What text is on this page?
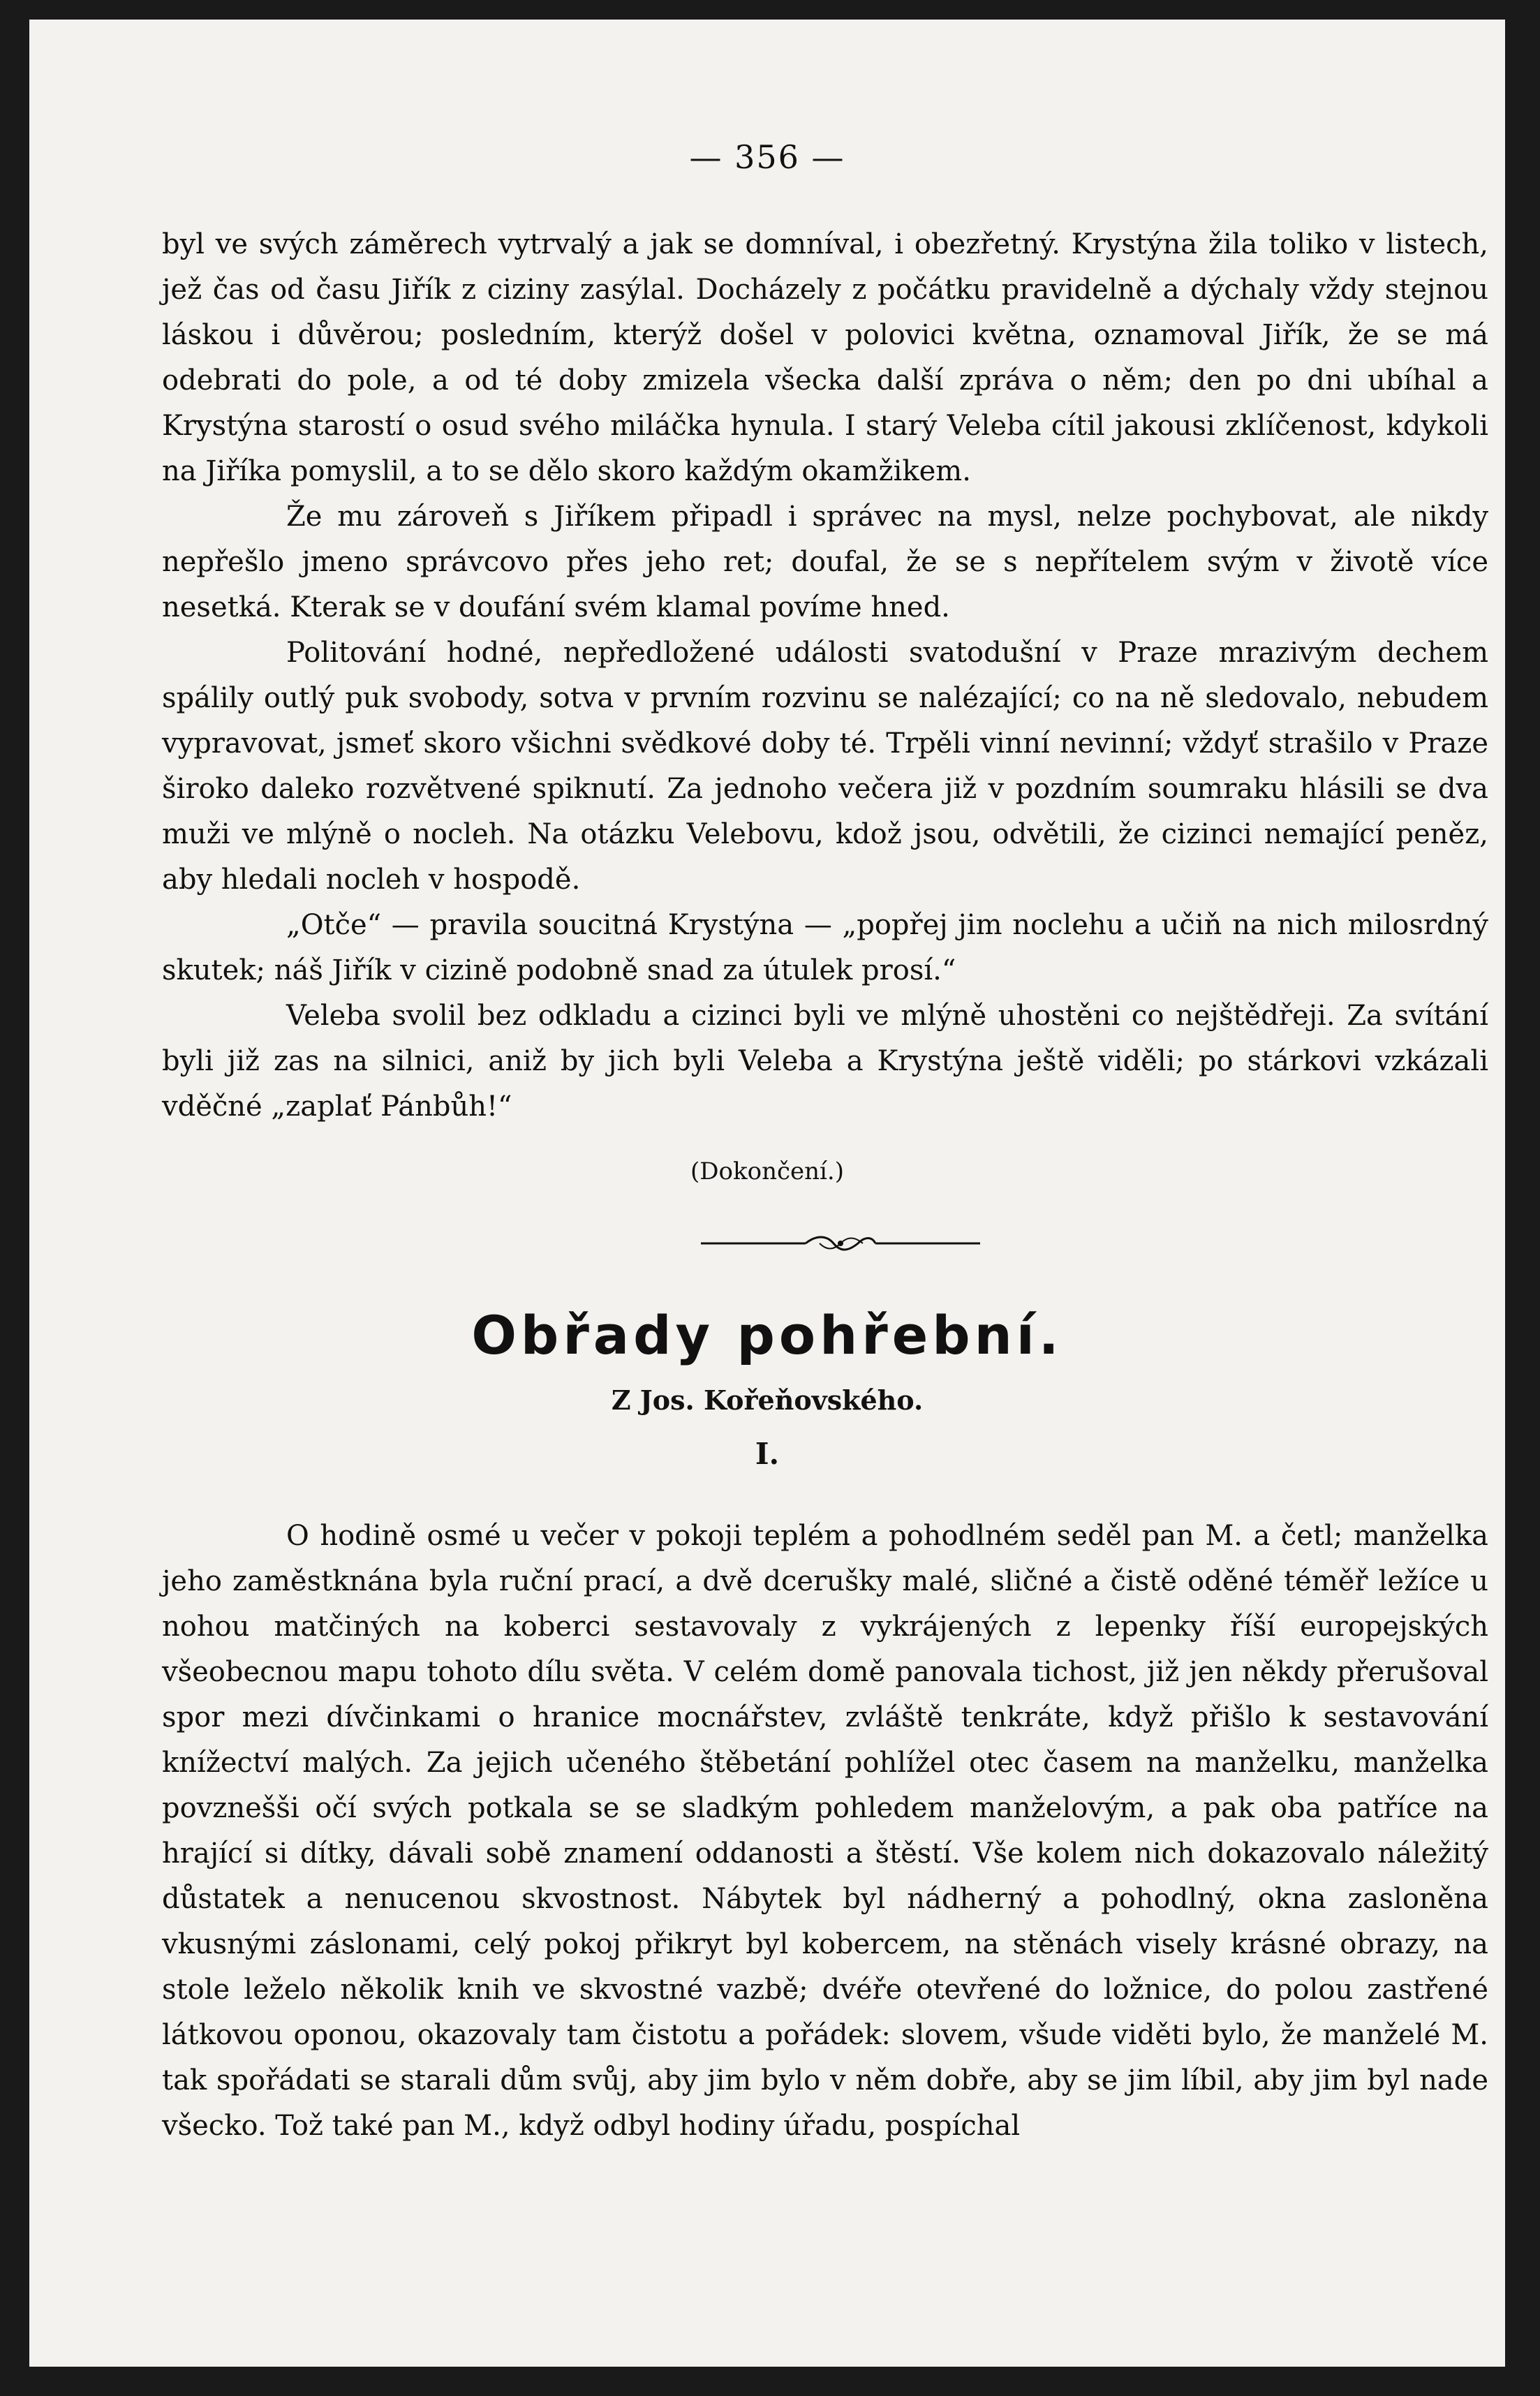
— 356 —

byl ve svých záměrech vytrvalý a jak se domníval, i obezřetný. Krystýna žila toliko v listech, jež čas od času Jiřík z ciziny zasýlal. Docházely z počátku pravidelně a dýchaly vždy stejnou láskou i důvěrou; posledním, kterýž došel v polovici května, oznamoval Jiřík, že se má odebrati do pole, a od té doby zmizela všecka další zpráva o něm; den po dni ubíhal a Krystýna starostí o osud svého miláčka hynula. I starý Veleba cítil jakousi zklíčenost, kdykoli na Jiříka pomyslil, a to se dělo skoro každým okamžikem.

Že mu zároveň s Jiříkem připadl i správec na mysl, nelze pochybovat, ale nikdy nepřešlo jmeno správcovo přes jeho ret; doufal, že se s nepřítelem svým v životě více nesetká. Kterak se v doufání svém klamal povíme hned.

Politování hodné, nepředložené události svatodušní v Praze mrazivým dechem spálily outlý puk svobody, sotva v prvním rozvinu se nalézající; co na ně sledovalo, nebudem vypravovat, jsmeť skoro všichni svědkové doby té. Trpěli vinní nevinní; vždyť strašilo v Praze široko daleko rozvětvené spiknutí. Za jednoho večera již v pozdním soumraku hlásili se dva muži ve mlýně o nocleh. Na otázku Velebovu, kdož jsou, odvětili, že cizinci nemající peněz, aby hledali nocleh v hospodě.

„Otče“ — pravila soucitná Krystýna — „popřej jim noclehu a učiň na nich milosrdný skutek; náš Jiřík v cizině podobně snad za útulek prosí.“

Veleba svolil bez odkladu a cizinci byli ve mlýně uhostěni co nejštědřeji. Za svítání byli již zas na silnici, aniž by jich byli Veleba a Krystýna ještě viděli; po stárkovi vzkázali vděčné „zaplať Pánbůh!“

(Dokončení.)
Obřady pohřební.
Z Jos. Kořeňovského.
I.

O hodině osmé u večer v pokoji teplém a pohodlném seděl pan M. a četl; manželka jeho zaměstknána byla ruční prací, a dvě dcerušky malé, sličné a čistě oděné téměř ležíce u nohou matčiných na koberci sestavovaly z vykrájených z lepenky říší europejských všeobecnou mapu tohoto dílu světa. V celém domě panovala tichost, již jen někdy přerušoval spor mezi dívčinkami o hranice mocnářstev, zvláště tenkráte, když přišlo k sestavování knížectví malých. Za jejich učeného štěbetání pohlížel otec časem na manželku, manželka povznešši očí svých potkala se se sladkým pohledem manželovým, a pak oba patříce na hrající si dítky, dávali sobě znamení oddanosti a štěstí. Vše kolem nich dokazovalo náležitý důstatek a nenucenou skvostnost. Nábytek byl nádherný a pohodlný, okna zasloněna vkusnými záslonami, celý pokoj přikryt byl kobercem, na stěnách visely krásné obrazy, na stole leželo několik knih ve skvostné vazbě; dvéře otevřené do ložnice, do polou zastřené látkovou oponou, okazovaly tam čistotu a pořádek: slovem, všude viděti bylo, že manželé M. tak spořádati se starali dům svůj, aby jim bylo v něm dobře, aby se jim líbil, aby jim byl nade všecko. Tož také pan M., když odbyl hodiny úřadu, pospíchal
